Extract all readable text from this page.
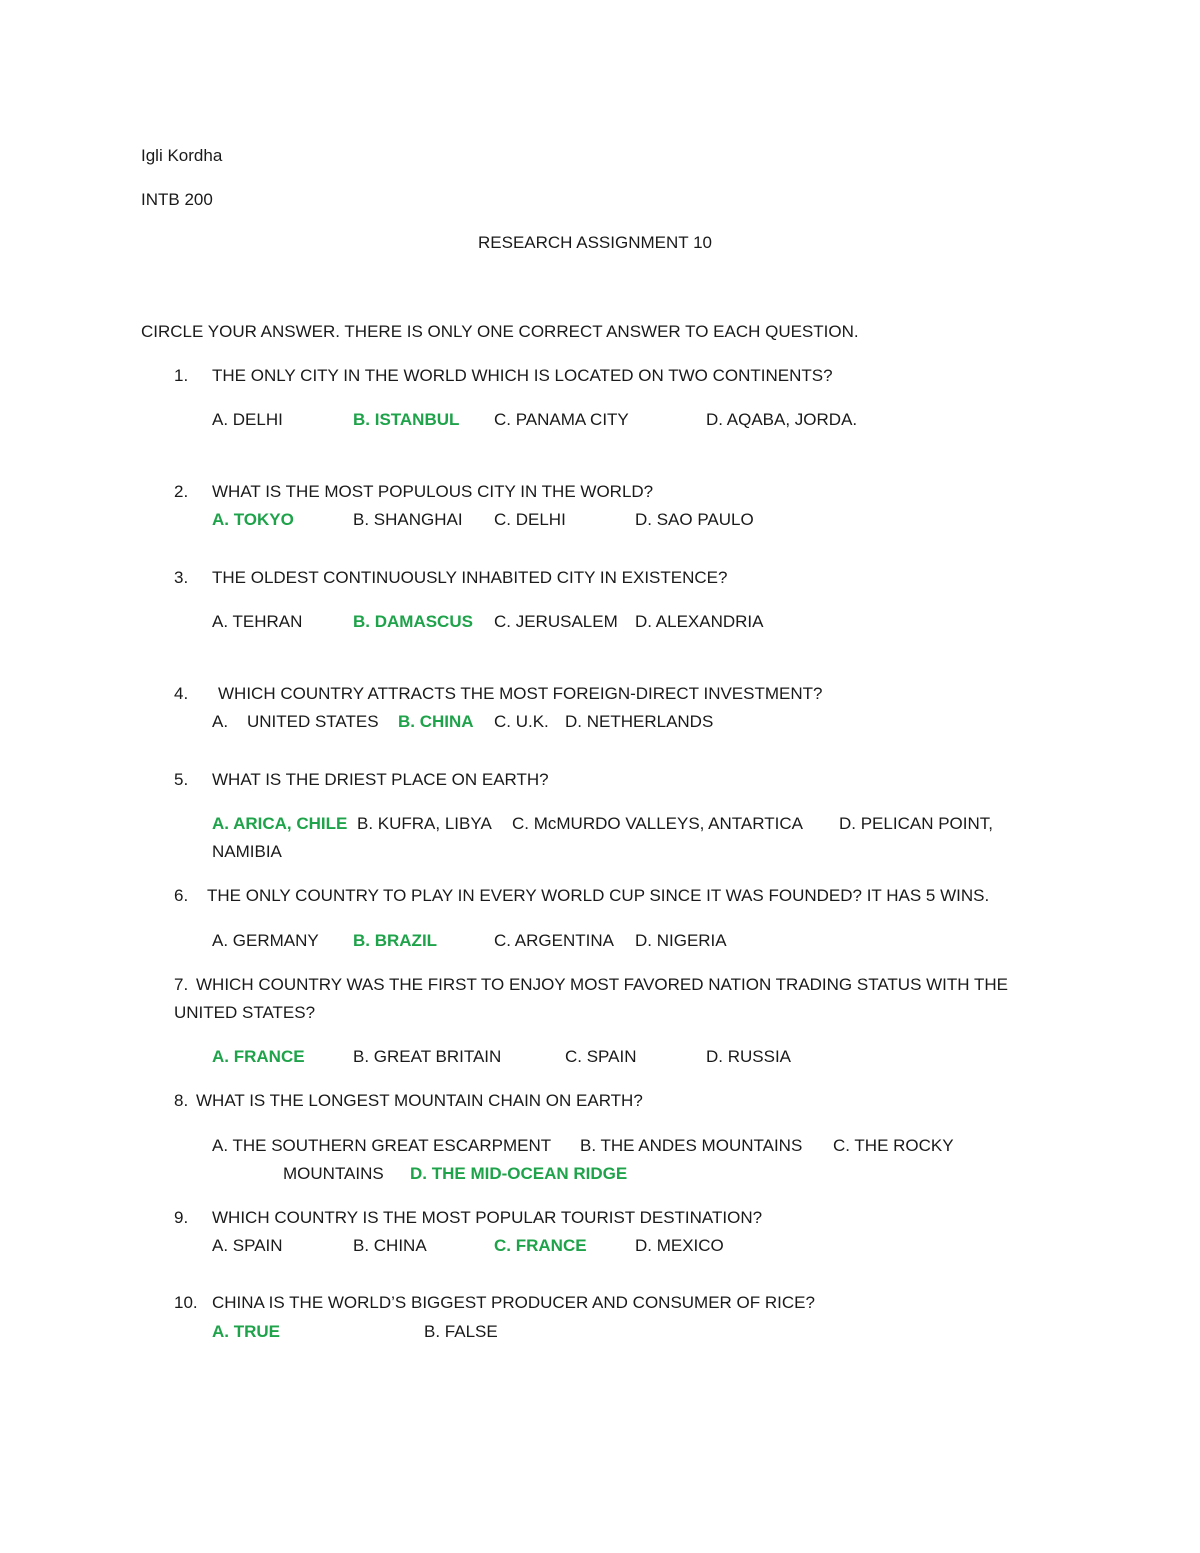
Igli Kordha
INTB 200
RESEARCH ASSIGNMENT 10
CIRCLE YOUR ANSWER. THERE IS ONLY ONE CORRECT ANSWER TO EACH QUESTION.
1. THE ONLY CITY IN THE WORLD WHICH IS LOCATED ON TWO CONTINENTS?
A. DELHI	B. ISTANBUL C. PANAMA CITY	D. AQABA, JORDA.
2. WHAT IS THE MOST POPULOUS CITY IN THE WORLD?
A. TOKYO	B. SHANGHAI C. DELHI	D. SAO PAULO
3. THE OLDEST CONTINUOUSLY INHABITED CITY IN EXISTENCE?
A. TEHRAN	B. DAMASCUS C. JERUSALEM D. ALEXANDRIA
4. WHICH COUNTRY ATTRACTS THE MOST FOREIGN-DIRECT INVESTMENT?
A.    UNITED STATES B. CHINA C. U.K. D. NETHERLANDS
5. WHAT IS THE DRIEST PLACE ON EARTH?
A. ARICA, CHILE B. KUFRA, LIBYA C. McMURDO VALLEYS, ANTARTICA D. PELICAN POINT,
NAMIBIA
6. THE ONLY COUNTRY TO PLAY IN EVERY WORLD CUP SINCE IT WAS FOUNDED? IT HAS 5 WINS.
A. GERMANY B. BRAZIL	C. ARGENTINA D. NIGERIA
7. WHICH COUNTRY WAS THE FIRST TO ENJOY MOST FAVORED NATION TRADING STATUS WITH THE
UNITED STATES?
A. FRANCE	B. GREAT BRITAIN	C. SPAIN	D. RUSSIA
8. WHAT IS THE LONGEST MOUNTAIN CHAIN ON EARTH?
A. THE SOUTHERN GREAT ESCARPMENT B. THE ANDES MOUNTAINS C. THE ROCKY
MOUNTAINS D. THE MID-OCEAN RIDGE
9. WHICH COUNTRY IS THE MOST POPULAR TOURIST DESTINATION?
A. SPAIN	B. CHINA	C. FRANCE	D. MEXICO
10. CHINA IS THE WORLD’S BIGGEST PRODUCER AND CONSUMER OF RICE?
A. TRUE	B. FALSE
